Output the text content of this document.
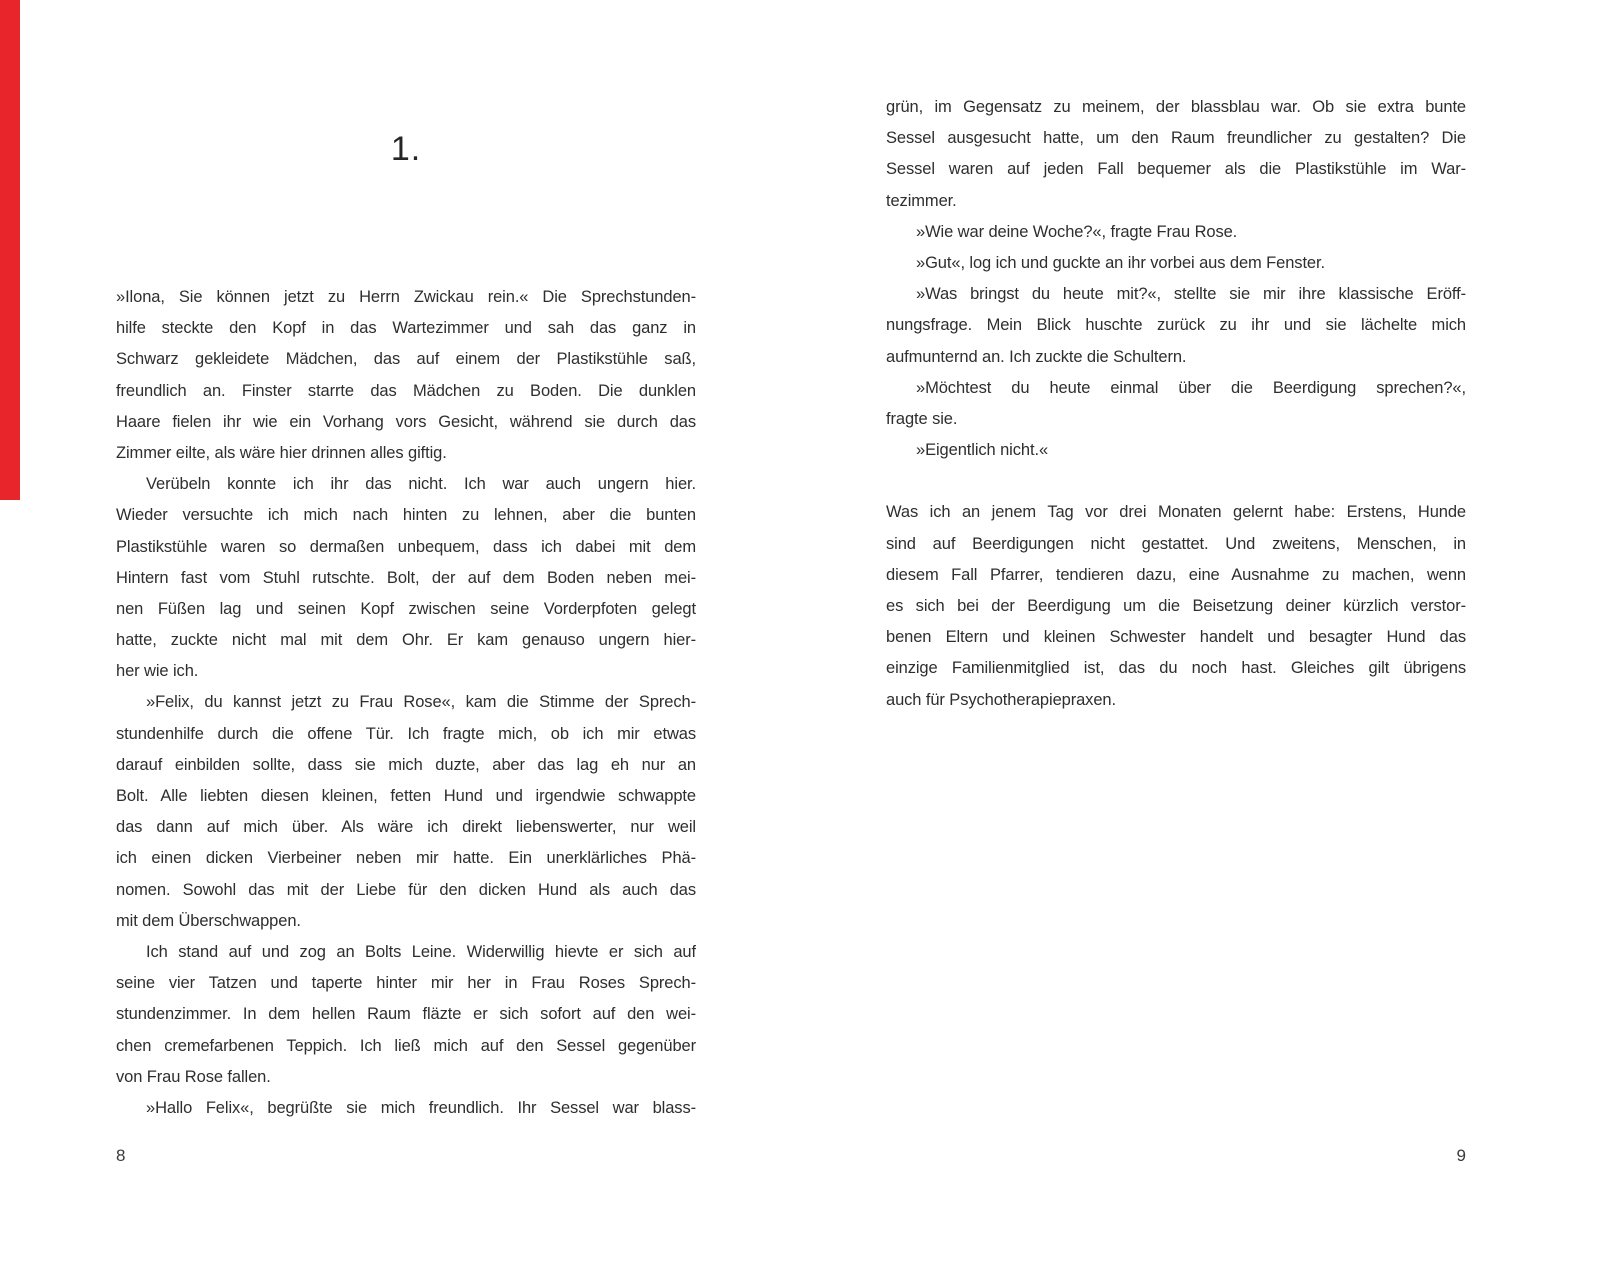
1.
»Ilona, Sie können jetzt zu Herrn Zwickau rein.« Die Sprechstunden-
hilfe steckte den Kopf in das Wartezimmer und sah das ganz in
Schwarz gekleidete Mädchen, das auf einem der Plastikstühle saß,
freundlich an. Finster starrte das Mädchen zu Boden. Die dunklen
Haare fielen ihr wie ein Vorhang vors Gesicht, während sie durch das
Zimmer eilte, als wäre hier drinnen alles giftig.
Verübeln konnte ich ihr das nicht. Ich war auch ungern hier.
Wieder versuchte ich mich nach hinten zu lehnen, aber die bunten
Plastikstühle waren so dermaßen unbequem, dass ich dabei mit dem
Hintern fast vom Stuhl rutschte. Bolt, der auf dem Boden neben mei-
nen Füßen lag und seinen Kopf zwischen seine Vorderpfoten gelegt
hatte, zuckte nicht mal mit dem Ohr. Er kam genauso ungern hier-
her wie ich.
»Felix, du kannst jetzt zu Frau Rose«, kam die Stimme der Sprech-
stundenhilfe durch die offene Tür. Ich fragte mich, ob ich mir etwas
darauf einbilden sollte, dass sie mich duzte, aber das lag eh nur an
Bolt. Alle liebten diesen kleinen, fetten Hund und irgendwie schwappte
das dann auf mich über. Als wäre ich direkt liebenswerter, nur weil
ich einen dicken Vierbeiner neben mir hatte. Ein unerklärliches Phä-
nomen. Sowohl das mit der Liebe für den dicken Hund als auch das
mit dem Überschwappen.
Ich stand auf und zog an Bolts Leine. Widerwillig hievte er sich auf
seine vier Tatzen und taperte hinter mir her in Frau Roses Sprech-
stundenzimmer. In dem hellen Raum fläzte er sich sofort auf den wei-
chen cremefarbenen Teppich. Ich ließ mich auf den Sessel gegenüber
von Frau Rose fallen.
»Hallo Felix«, begrüßte sie mich freundlich. Ihr Sessel war blass-
grün, im Gegensatz zu meinem, der blassblau war. Ob sie extra bunte
Sessel ausgesucht hatte, um den Raum freundlicher zu gestalten? Die
Sessel waren auf jeden Fall bequemer als die Plastikstühle im War-
tezimmer.
»Wie war deine Woche?«, fragte Frau Rose.
»Gut«, log ich und guckte an ihr vorbei aus dem Fenster.
»Was bringst du heute mit?«, stellte sie mir ihre klassische Eröff-
nungsfrage. Mein Blick huschte zurück zu ihr und sie lächelte mich
aufmunternd an. Ich zuckte die Schultern.
»Möchtest du heute einmal über die Beerdigung sprechen?«,
fragte sie.
»Eigentlich nicht.«
Was ich an jenem Tag vor drei Monaten gelernt habe: Erstens, Hunde
sind auf Beerdigungen nicht gestattet. Und zweitens, Menschen, in
diesem Fall Pfarrer, tendieren dazu, eine Ausnahme zu machen, wenn
es sich bei der Beerdigung um die Beisetzung deiner kürzlich verstor-
benen Eltern und kleinen Schwester handelt und besagter Hund das
einzige Familienmitglied ist, das du noch hast. Gleiches gilt übrigens
auch für Psychotherapiepraxen.
8	9
